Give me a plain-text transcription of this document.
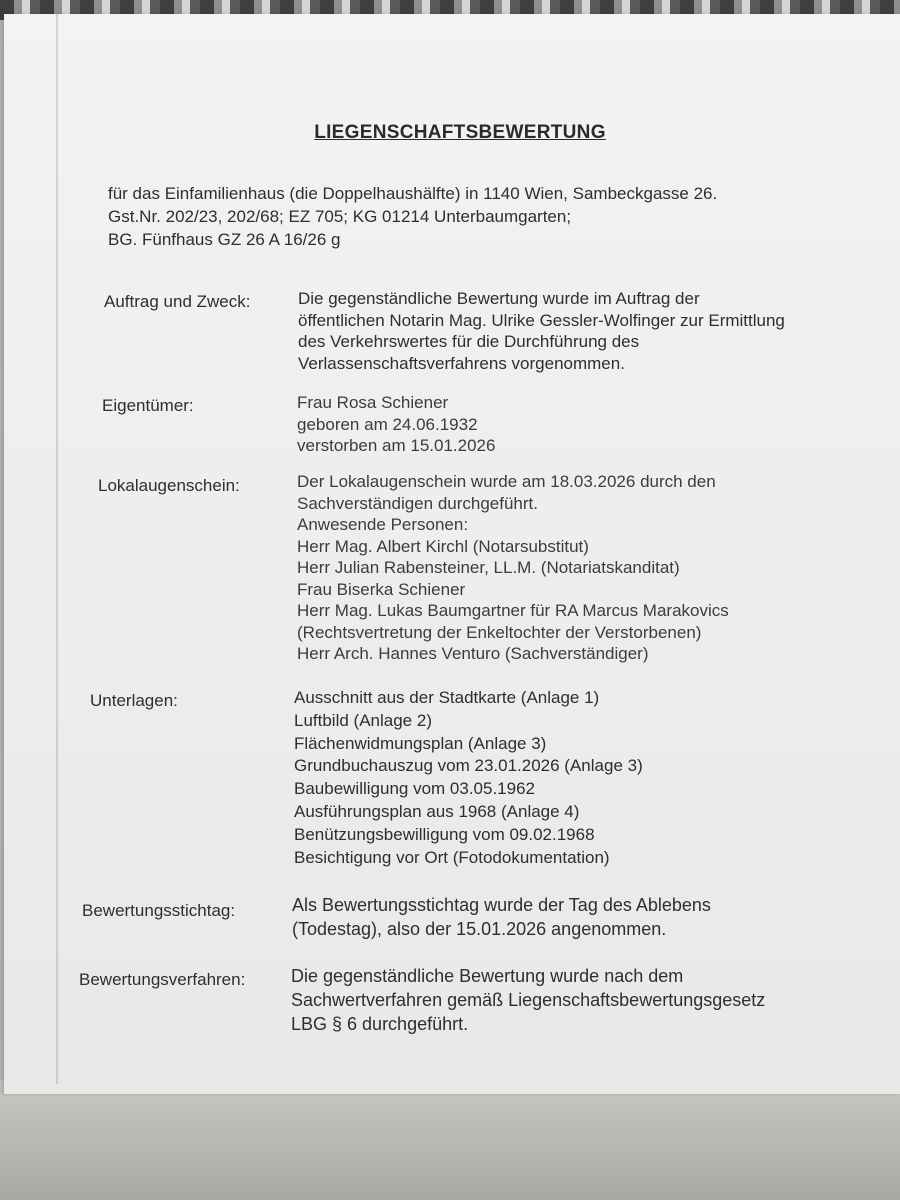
LIEGENSCHAFTSBEWERTUNG
für das Einfamilienhaus (die Doppelhaushälfte) in 1140 Wien, Sambeckgasse 26.
Gst.Nr. 202/23, 202/68; EZ 705; KG 01214 Unterbaumgarten;
BG. Fünfhaus GZ 26 A 16/26 g
Auftrag und Zweck:	Die gegenständliche Bewertung wurde im Auftrag der
öffentlichen Notarin Mag. Ulrike Gessler-Wolfinger zur Ermittlung
des Verkehrswertes für die Durchführung des
Verlassenschaftsverfahrens vorgenommen.
Eigentümer:	Frau Rosa Schiener
geboren am 24.06.1932
verstorben am 15.01.2026
Lokalaugenschein:	Der Lokalaugenschein wurde am 18.03.2026 durch den
Sachverständigen durchgeführt.
Anwesende Personen:
Herr Mag. Albert Kirchl (Notarsubstitut)
Herr Julian Rabensteiner, LL.M. (Notariatskanditat)
Frau Biserka Schiener
Herr Mag. Lukas Baumgartner für RA Marcus Marakovics
(Rechtsvertretung der Enkeltochter der Verstorbenen)
Herr Arch. Hannes Venturo (Sachverständiger)
Unterlagen:	Ausschnitt aus der Stadtkarte (Anlage 1)
Luftbild (Anlage 2)
Flächenwidmungsplan (Anlage 3)
Grundbuchauszug vom 23.01.2026 (Anlage 3)
Baubewilligung vom 03.05.1962
Ausführungsplan aus 1968 (Anlage 4)
Benützungsbewilligung vom 09.02.1968
Besichtigung vor Ort (Fotodokumentation)
Bewertungsstichtag:	Als Bewertungsstichtag wurde der Tag des Ablebens
(Todestag), also der 15.01.2026 angenommen.
Bewertungsverfahren:	Die gegenständliche Bewertung wurde nach dem
Sachwertverfahren gemäß Liegenschaftsbewertungsgesetz
LBG § 6 durchgeführt.
